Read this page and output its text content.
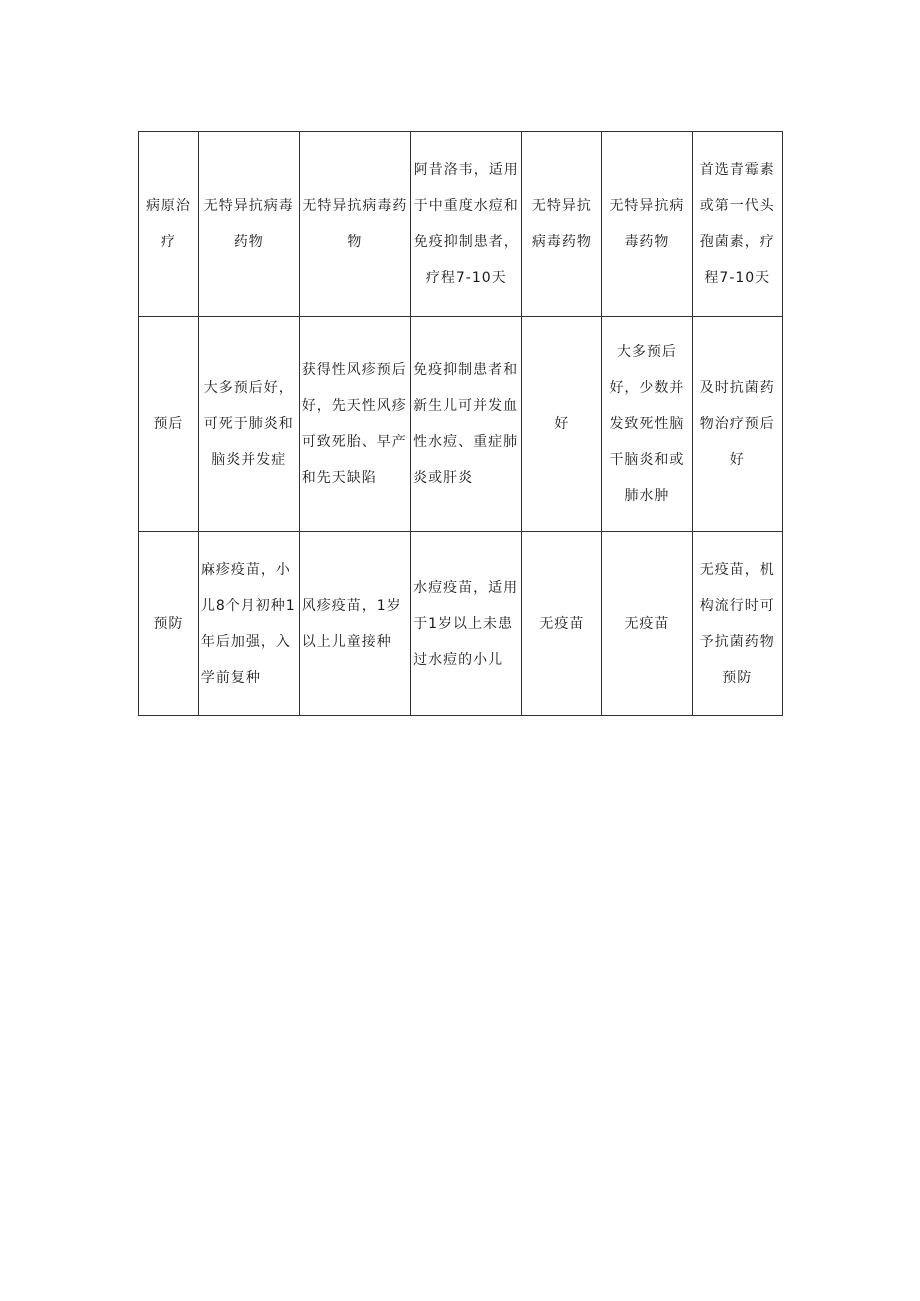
病原治疗	无特异抗病毒药物	无特异抗病毒药物	阿昔洛韦，适用于中重度水痘和免疫抑制患者，疗程7-10天	无特异抗病毒药物	无特异抗病毒药物	首选青霉素或第一代头孢菌素，疗程7-10天

预后	大多预后好，可死于肺炎和脑炎并发症	获得性风疹预后好，先天性风疹可致死胎、早产和先天缺陷	免疫抑制患者和新生儿可并发血性水痘、重症肺炎或肝炎	好	大多预后好，少数并发致死性脑干脑炎和或肺水肿	及时抗菌药物治疗预后好

预防	麻疹疫苗，小儿8个月初种1年后加强，入学前复种	风疹疫苗，1岁以上儿童接种	水痘疫苗，适用于1岁以上未患过水痘的小儿	无疫苗	无疫苗	无疫苗，机构流行时可予抗菌药物预防
